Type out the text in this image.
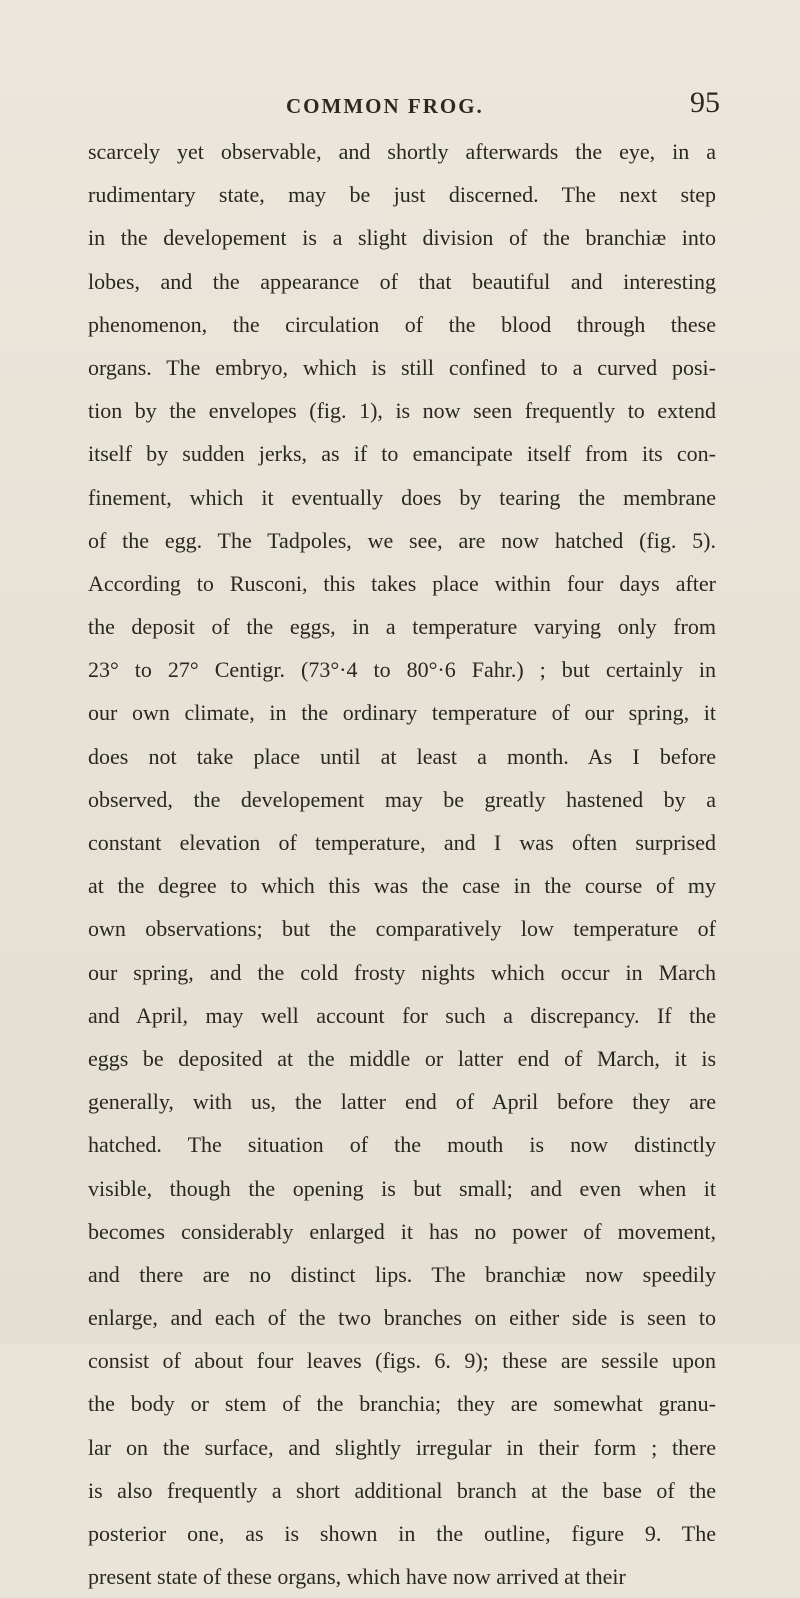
COMMON FROG.	95
scarcely yet observable, and shortly afterwards the eye, in a
rudimentary state, may be just discerned. The next step
in the developement is a slight division of the branchiæ into
lobes, and the appearance of that beautiful and interesting
phenomenon, the circulation of the blood through these
organs. The embryo, which is still confined to a curved posi-
tion by the envelopes (fig. 1), is now seen frequently to extend
itself by sudden jerks, as if to emancipate itself from its con-
finement, which it eventually does by tearing the membrane
of the egg. The Tadpoles, we see, are now hatched (fig. 5).
According to Rusconi, this takes place within four days after
the deposit of the eggs, in a temperature varying only from
23° to 27° Centigr. (73°·4 to 80°·6 Fahr.) ; but certainly in
our own climate, in the ordinary temperature of our spring, it
does not take place until at least a month. As I before
observed, the developement may be greatly hastened by a
constant elevation of temperature, and I was often surprised
at the degree to which this was the case in the course of my
own observations; but the comparatively low temperature of
our spring, and the cold frosty nights which occur in March
and April, may well account for such a discrepancy. If the
eggs be deposited at the middle or latter end of March, it is
generally, with us, the latter end of April before they are
hatched. The situation of the mouth is now distinctly
visible, though the opening is but small; and even when it
becomes considerably enlarged it has no power of movement,
and there are no distinct lips. The branchiæ now speedily
enlarge, and each of the two branches on either side is seen to
consist of about four leaves (figs. 6. 9); these are sessile upon
the body or stem of the branchia; they are somewhat granu-
lar on the surface, and slightly irregular in their form ; there
is also frequently a short additional branch at the base of the
posterior one, as is shown in the outline, figure 9. The
present state of these organs, which have now arrived at their
